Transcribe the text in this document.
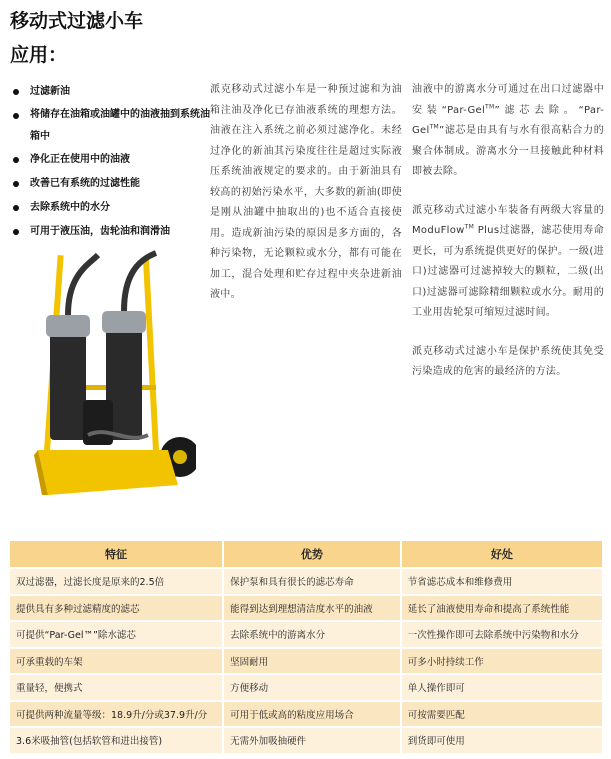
移动式过滤小车
应用：
过滤新油
将储存在油箱或油罐中的油液抽到系统油箱中
净化正在使用中的油液
改善已有系统的过滤性能
去除系统中的水分
可用于液压油，齿轮油和润滑油

派克移动式过滤小车是一种预过滤和为油箱注油及净化已存油液系统的理想方法。油液在注入系统之前必须过滤净化。未经过净化的新油其污染度往往是超过实际液压系统油液规定的要求的。由于新油具有较高的初始污染水平，大多数的新油(即使是刚从油罐中抽取出的)也不适合直接使用。造成新油污染的原因是多方面的，各种污染物，无论颗粒或水分，都有可能在加工，混合处理和贮存过程中夹杂进新油液中。

油液中的游离水分可通过在出口过滤器中安装“Par-Gel™”滤芯去除。“Par-Gel™”滤芯是由具有与水有很高粘合力的聚合体制成。游离水分一旦接触此种材料即被去除。

派克移动式过滤小车装备有两级大容量的ModuFlow™ Plus过滤器，滤芯使用寿命更长，可为系统提供更好的保护。一级(进口)过滤器可过滤掉较大的颗粒，二级(出口)过滤器可滤除精细颗粒或水分。耐用的工业用齿轮泵可缩短过滤时间。

派克移动式过滤小车是保护系统使其免受污染造成的危害的最经济的方法。

特征	优势	好处
双过滤器，过滤长度是原来的2.5倍	保护泵和具有很长的滤芯寿命	节省滤芯成本和维修费用
提供具有多种过滤精度的滤芯	能得到达到理想清洁度水平的油液	延长了油液使用寿命和提高了系统性能
可提供“Par-Gel™”除水滤芯	去除系统中的游离水分	一次性操作即可去除系统中污染物和水分
可承重载的车架	坚固耐用	可多小时持续工作
重量轻，便携式	方便移动	单人操作即可
可提供两种流量等级：18.9升/分或37.9升/分	可用于低或高的粘度应用场合	可按需要匹配
3.6米吸抽管(包括软管和进出接管)	无需外加吸抽硬件	到货即可使用
